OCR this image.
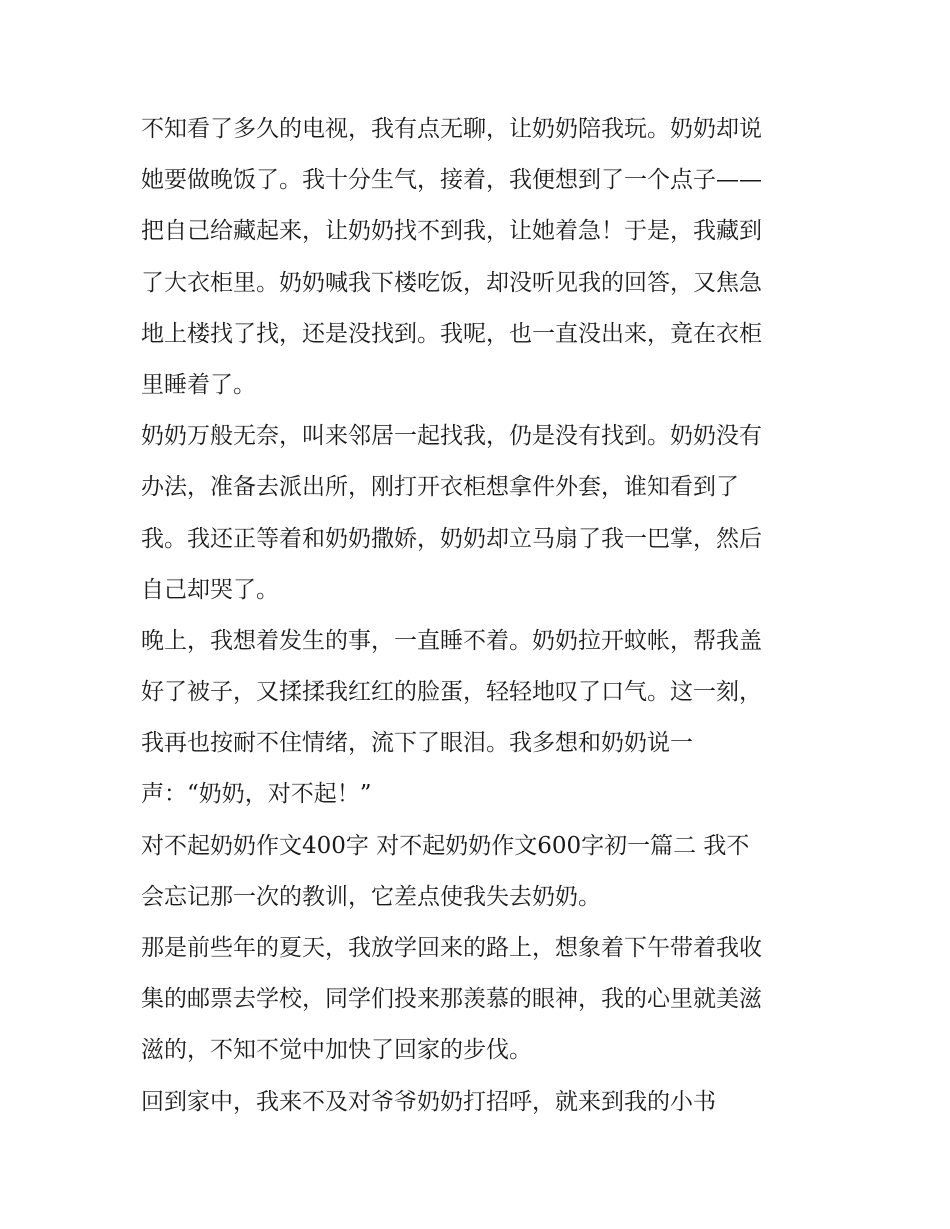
不知看了多久的电视，我有点无聊，让奶奶陪我玩。奶奶却说
她要做晚饭了。我十分生气，接着，我便想到了一个点子——
把自己给藏起来，让奶奶找不到我，让她着急！于是，我藏到
了大衣柜里。奶奶喊我下楼吃饭，却没听见我的回答，又焦急
地上楼找了找，还是没找到。我呢，也一直没出来，竟在衣柜
里睡着了。
奶奶万般无奈，叫来邻居一起找我，仍是没有找到。奶奶没有
办法，准备去派出所，刚打开衣柜想拿件外套，谁知看到了
我。我还正等着和奶奶撒娇，奶奶却立马扇了我一巴掌，然后
自己却哭了。
晚上，我想着发生的事，一直睡不着。奶奶拉开蚊帐，帮我盖
好了被子，又揉揉我红红的脸蛋，轻轻地叹了口气。这一刻，
我再也按耐不住情绪，流下了眼泪。我多想和奶奶说一
声：“奶奶，对不起！”
对不起奶奶作文400字 对不起奶奶作文600字初一篇二 我不
会忘记那一次的教训，它差点使我失去奶奶。
那是前些年的夏天，我放学回来的路上，想象着下午带着我收
集的邮票去学校，同学们投来那羡慕的眼神，我的心里就美滋
滋的，不知不觉中加快了回家的步伐。
回到家中，我来不及对爷爷奶奶打招呼，就来到我的小书
